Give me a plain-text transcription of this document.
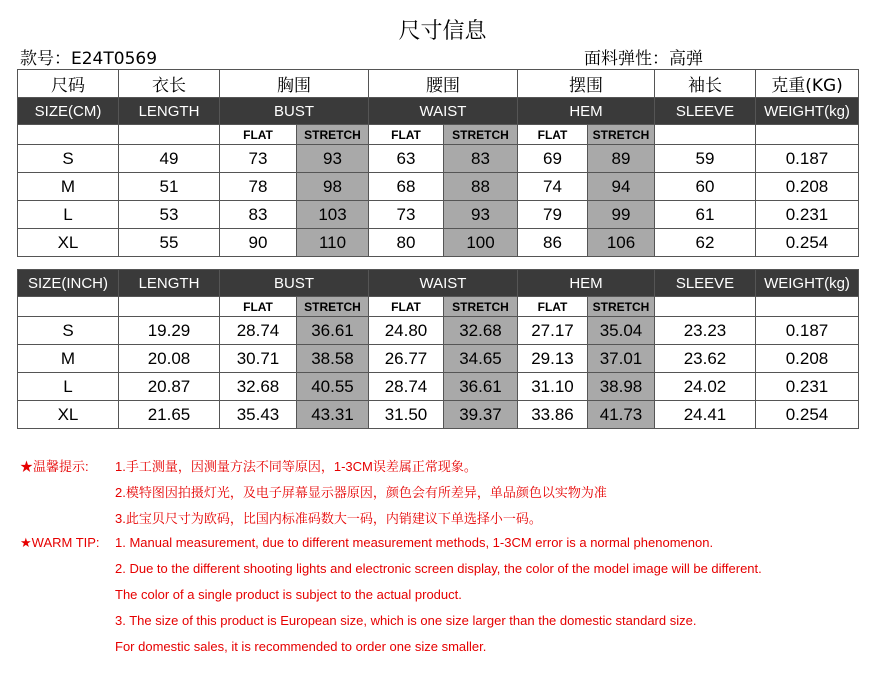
尺寸信息
款号：E24T0569	面料弹性：高弹
尺码	衣长	胸围		腰围		摆围		袖长	克重(KG)
SIZE(CM)	LENGTH	BUST		WAIST		HEM		SLEEVE	WEIGHT(kg)
		FLAT	STRETCH	FLAT	STRETCH	FLAT	STRETCH		
S	49	73	93	63	83	69	89	59	0.187
M	51	78	98	68	88	74	94	60	0.208
L	53	83	103	73	93	79	99	61	0.231
XL	55	90	110	80	100	86	106	62	0.254
SIZE(INCH)	LENGTH	BUST		WAIST		HEM		SLEEVE	WEIGHT(kg)
		FLAT	STRETCH	FLAT	STRETCH	FLAT	STRETCH		
S	19.29	28.74	36.61	24.80	32.68	27.17	35.04	23.23	0.187
M	20.08	30.71	38.58	26.77	34.65	29.13	37.01	23.62	0.208
L	20.87	32.68	40.55	28.74	36.61	31.10	38.98	24.02	0.231
XL	21.65	35.43	43.31	31.50	39.37	33.86	41.73	24.41	0.254
★温馨提示: 1.手工测量，因测量方法不同等原因，1-3CM误差属正常现象。
2.模特图因拍摄灯光，及电子屏幕显示器原因，颜色会有所差异，单品颜色以实物为准
3.此宝贝尺寸为欧码，比国内标准码数大一码，内销建议下单选择小一码。
★WARM TIP: 1. Manual measurement, due to different measurement methods, 1-3CM error is a normal phenomenon.
2. Due to the different shooting lights and electronic screen display, the color of the model image will be different.
The color of a single product is subject to the actual product.
3. The size of this product is European size, which is one size larger than the domestic standard size.
For domestic sales, it is recommended to order one size smaller.
